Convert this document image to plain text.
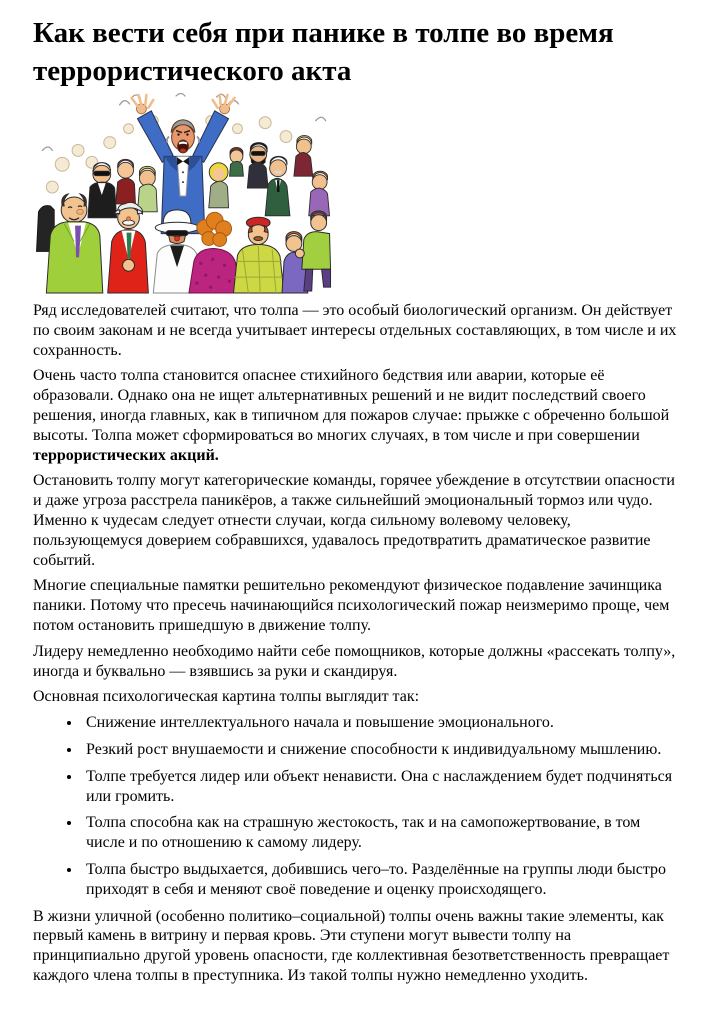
Как вести себя при панике в толпе во время террористического акта

Ряд исследователей считают, что толпа — это особый биологический организм. Он действует по своим законам и не всегда учитывает интересы отдельных составляющих, в том числе и их сохранность.

Очень часто толпа становится опаснее стихийного бедствия или аварии, которые её образовали. Однако она не ищет альтернативных решений и не видит последствий своего решения, иногда главных, как в типичном для пожаров случае: прыжке с обреченно большой высоты. Толпа может сформироваться во многих случаях, в том числе и при совершении террористических акций.

Остановить толпу могут категорические команды, горячее убеждение в отсутствии опасности и даже угроза расстрела паникёров, а также сильнейший эмоциональный тормоз или чудо. Именно к чудесам следует отнести случаи, когда сильному волевому человеку, пользующемуся доверием собравшихся, удавалось предотвратить драматическое развитие событий.

Многие специальные памятки решительно рекомендуют физическое подавление зачинщика паники. Потому что пресечь начинающийся психологический пожар неизмеримо проще, чем потом остановить пришедшую в движение толпу.

Лидеру немедленно необходимо найти себе помощников, которые должны «рассекать толпу», иногда и буквально — взявшись за руки и скандируя.

Основная психологическая картина толпы выглядит так:

• Снижение интеллектуального начала и повышение эмоционального.
• Резкий рост внушаемости и снижение способности к индивидуальному мышлению.
• Толпе требуется лидер или объект ненависти. Она с наслаждением будет подчиняться или громить.
• Толпа способна как на страшную жестокость, так и на самопожертвование, в том числе и по отношению к самому лидеру.
• Толпа быстро выдыхается, добившись чего–то. Разделённые на группы люди быстро приходят в себя и меняют своё поведение и оценку происходящего.

В жизни уличной (особенно политико–социальной) толпы очень важны такие элементы, как первый камень в витрину и первая кровь. Эти ступени могут вывести толпу на принципиально другой уровень опасности, где коллективная безответственность превращает каждого члена толпы в преступника. Из такой толпы нужно немедленно уходить.
